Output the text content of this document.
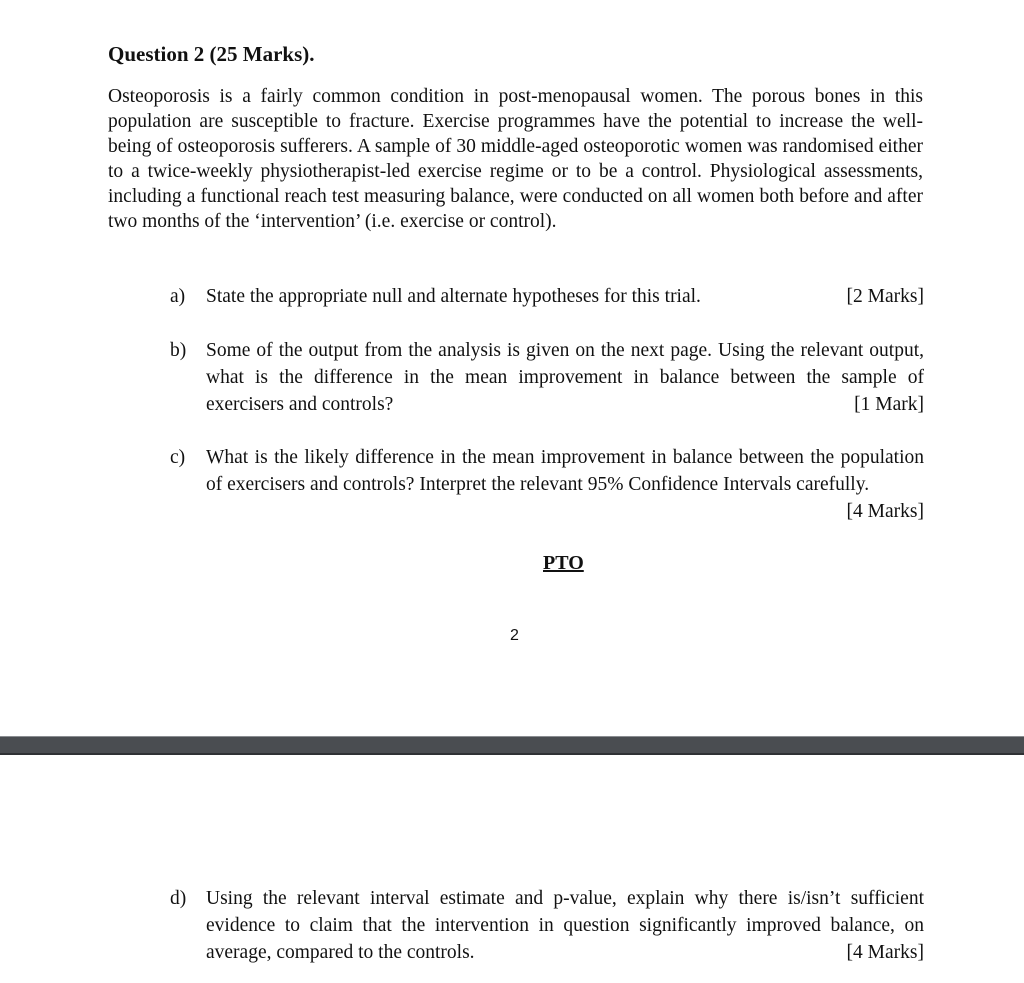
Question 2 (25 Marks).

Osteoporosis is a fairly common condition in post-menopausal women. The porous bones in this population are susceptible to fracture. Exercise programmes have the potential to increase the well-being of osteoporosis sufferers. A sample of 30 middle-aged osteoporotic women was randomised either to a twice-weekly physiotherapist-led exercise regime or to be a control. Physiological assessments, including a functional reach test measuring balance, were conducted on all women both before and after two months of the ‘intervention’ (i.e. exercise or control).

a)	[2 Marks]
State the appropriate null and alternate hypotheses for this trial.
b)	Some of the output from the analysis is given on the next page. Using the relevant output, what is the difference in the mean improvement in balance between the sample of exercisers and controls?	[1 Mark]
c)	What is the likely difference in the mean improvement in balance between the population of exercisers and controls? Interpret the relevant 95% Confidence Intervals carefully.
[4 Marks]
PTO
2
d)	Using the relevant interval estimate and p-value, explain why there is/isn’t sufficient evidence to claim that the intervention in question significantly improved balance, on average, compared to the controls.	[4 Marks]
